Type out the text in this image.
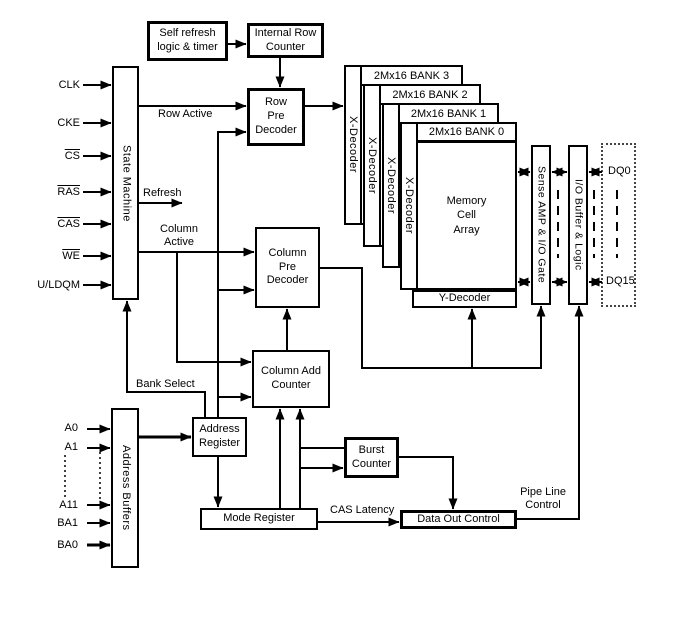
CLK
CKE
$\overline{CS}$
$\overline{RAS}$
$\overline{CAS}$
$\overline{WE}$
U/LDQM
A0
A1
A11
BA1
BA0
Self refresh
logic & timer
Internal Row
Counter
State Machine
Row
Pre
Decoder	X-Decoder
2Mx16 BANK 3
X-Decoder
2Mx16 BANK 2
X-Decoder
2Mx16 BANK 1
X-Decoder
2Mx16 BANK 0
Memory
Cell
Array
Y-Decoder
Sense AMP & I/O Gate	I/O Buffer & Logic
DQ0
DQ15
Column
Pre
Decoder
Column Add
Counter
Address Buffers
Address
Register
Mode Register
Burst
Counter
Data Out Control
Row Active
Refresh
Column
Active
Bank Select
CAS Latency
Pipe Line
Control
